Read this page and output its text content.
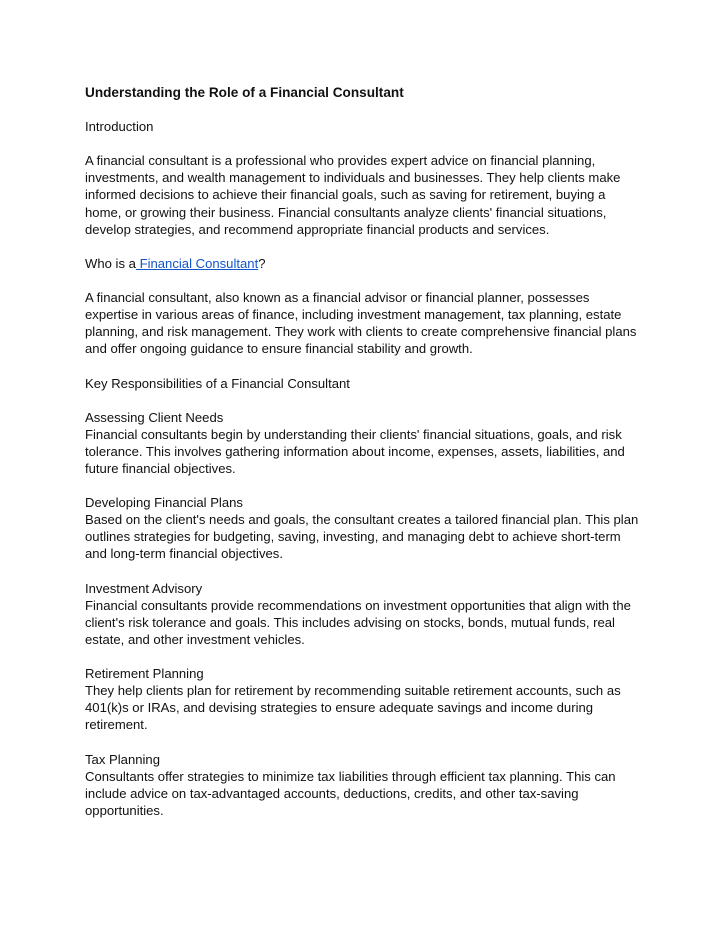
Understanding the Role of a Financial Consultant

Introduction

A financial consultant is a professional who provides expert advice on financial planning, investments, and wealth management to individuals and businesses. They help clients make informed decisions to achieve their financial goals, such as saving for retirement, buying a home, or growing their business. Financial consultants analyze clients' financial situations, develop strategies, and recommend appropriate financial products and services.

Who is a Financial Consultant?

A financial consultant, also known as a financial advisor or financial planner, possesses expertise in various areas of finance, including investment management, tax planning, estate planning, and risk management. They work with clients to create comprehensive financial plans and offer ongoing guidance to ensure financial stability and growth.

Key Responsibilities of a Financial Consultant

Assessing Client Needs

Financial consultants begin by understanding their clients' financial situations, goals, and risk tolerance. This involves gathering information about income, expenses, assets, liabilities, and future financial objectives.

Developing Financial Plans

Based on the client's needs and goals, the consultant creates a tailored financial plan. This plan outlines strategies for budgeting, saving, investing, and managing debt to achieve short-term and long-term financial objectives.

Investment Advisory

Financial consultants provide recommendations on investment opportunities that align with the client's risk tolerance and goals. This includes advising on stocks, bonds, mutual funds, real estate, and other investment vehicles.

Retirement Planning

They help clients plan for retirement by recommending suitable retirement accounts, such as 401(k)s or IRAs, and devising strategies to ensure adequate savings and income during retirement.

Tax Planning

Consultants offer strategies to minimize tax liabilities through efficient tax planning. This can include advice on tax-advantaged accounts, deductions, credits, and other tax-saving opportunities.
